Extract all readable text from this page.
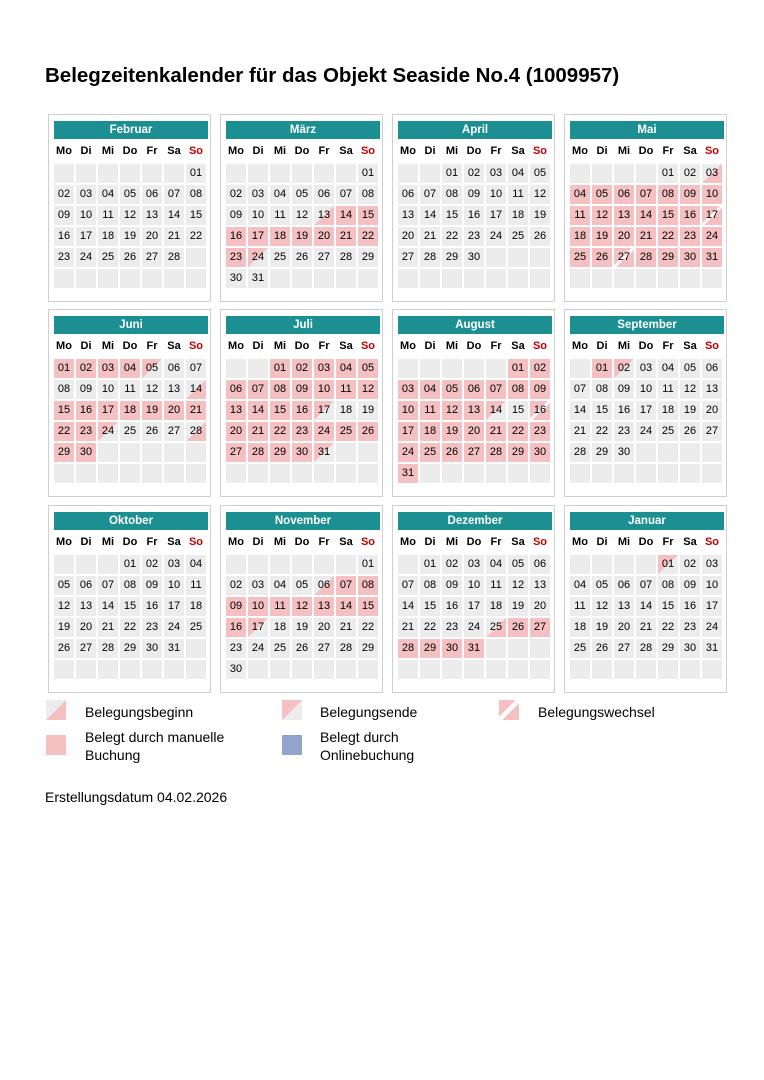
Belegzeitenkalender für das Objekt Seaside No.4 (1009957)
Februar
Mo Di Mi Do Fr Sa So
01
02 03 04 05 06 07 08
09 10 11 12 13 14 15
16 17 18 19 20 21 22
23 24 25 26 27 28
März
Mo Di Mi Do Fr Sa So
01
02 03 04 05 06 07 08
09 10 11 12 13 14 15
16 17 18 19 20 21 22
23 24 25 26 27 28 29
30 31
April
Mo Di Mi Do Fr Sa So
01 02 03 04 05
06 07 08 09 10 11 12
13 14 15 16 17 18 19
20 21 22 23 24 25 26
27 28 29 30
Mai
Mo Di Mi Do Fr Sa So
01 02 03
04 05 06 07 08 09 10
11 12 13 14 15 16 17
18 19 20 21 22 23 24
25 26 27 28 29 30 31
Juni
Mo Di Mi Do Fr Sa So
01 02 03 04 05 06 07
08 09 10 11 12 13 14
15 16 17 18 19 20 21
22 23 24 25 26 27 28
29 30
Juli
Mo Di Mi Do Fr Sa So
01 02 03 04 05
06 07 08 09 10 11 12
13 14 15 16 17 18 19
20 21 22 23 24 25 26
27 28 29 30 31
August
Mo Di Mi Do Fr Sa So
01 02
03 04 05 06 07 08 09
10 11 12 13 14 15 16
17 18 19 20 21 22 23
24 25 26 27 28 29 30
31
September
Mo Di Mi Do Fr Sa So
01 02 03 04 05 06
07 08 09 10 11 12 13
14 15 16 17 18 19 20
21 22 23 24 25 26 27
28 29 30
Oktober
Mo Di Mi Do Fr Sa So
01 02 03 04
05 06 07 08 09 10 11
12 13 14 15 16 17 18
19 20 21 22 23 24 25
26 27 28 29 30 31
November
Mo Di Mi Do Fr Sa So
01
02 03 04 05 06 07 08
09 10 11 12 13 14 15
16 17 18 19 20 21 22
23 24 25 26 27 28 29
30
Dezember
Mo Di Mi Do Fr Sa So
01 02 03 04 05 06
07 08 09 10 11 12 13
14 15 16 17 18 19 20
21 22 23 24 25 26 27
28 29 30 31
Januar
Mo Di Mi Do Fr Sa So
01 02 03
04 05 06 07 08 09 10
11 12 13 14 15 16 17
18 19 20 21 22 23 24
25 26 27 28 29 30 31
Belegungsbeginn	Belegungsende	Belegungswechsel
Belegt durch manuelle Buchung
Belegt durch Onlinebuchung
Erstellungsdatum 04.02.2026
